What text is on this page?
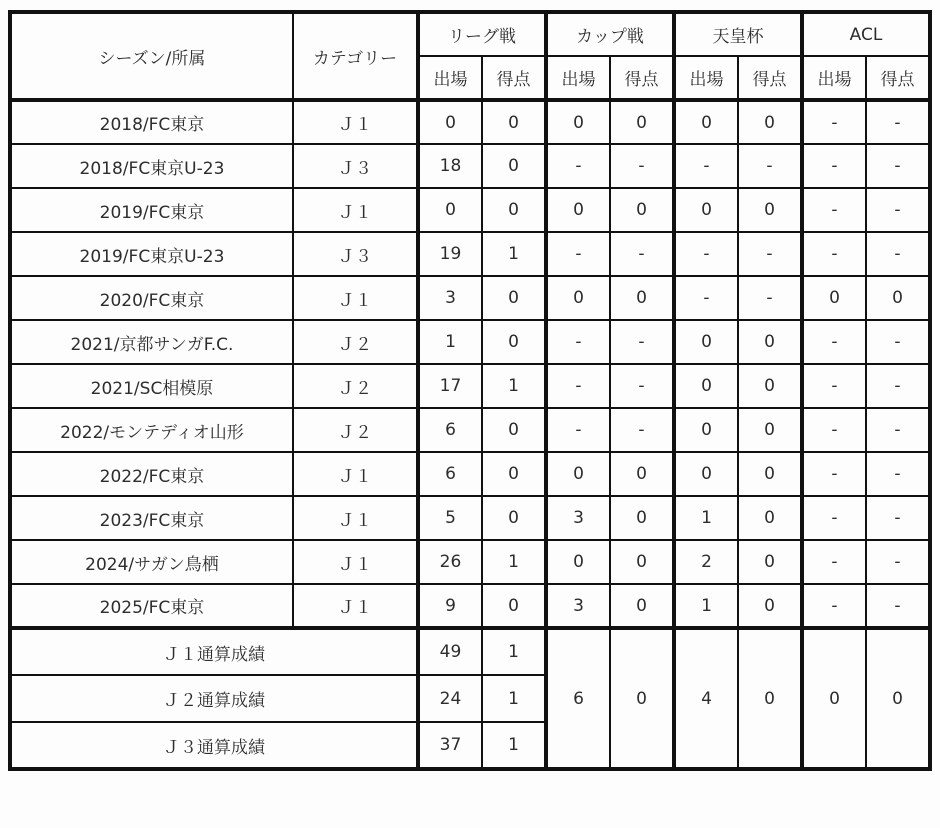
シーズン/所属	カテゴリー	リーグ戦		カップ戦		天皇杯		ACL	
		出場	得点	出場	得点	出場	得点	出場	得点
2018/FC東京	Ｊ１	0	0	0	0	0	0	-	-
2018/FC東京U-23	Ｊ３	18	0	-	-	-	-	-	-
2019/FC東京	Ｊ１	0	0	0	0	0	0	-	-
2019/FC東京U-23	Ｊ３	19	1	-	-	-	-	-	-
2020/FC東京	Ｊ１	3	0	0	0	-	-	0	0
2021/京都サンガF.C.	Ｊ２	1	0	-	-	0	0	-	-
2021/SC相模原	Ｊ２	17	1	-	-	0	0	-	-
2022/モンテディオ山形	Ｊ２	6	0	-	-	0	0	-	-
2022/FC東京	Ｊ１	6	0	0	0	0	0	-	-
2023/FC東京	Ｊ１	5	0	3	0	1	0	-	-
2024/サガン鳥栖	Ｊ１	26	1	0	0	2	0	-	-
2025/FC東京	Ｊ１	9	0	3	0	1	0	-	-
Ｊ１通算成績		49	1	6	0	4	0	0	0
Ｊ２通算成績		24	1						
Ｊ３通算成績		37	1						
